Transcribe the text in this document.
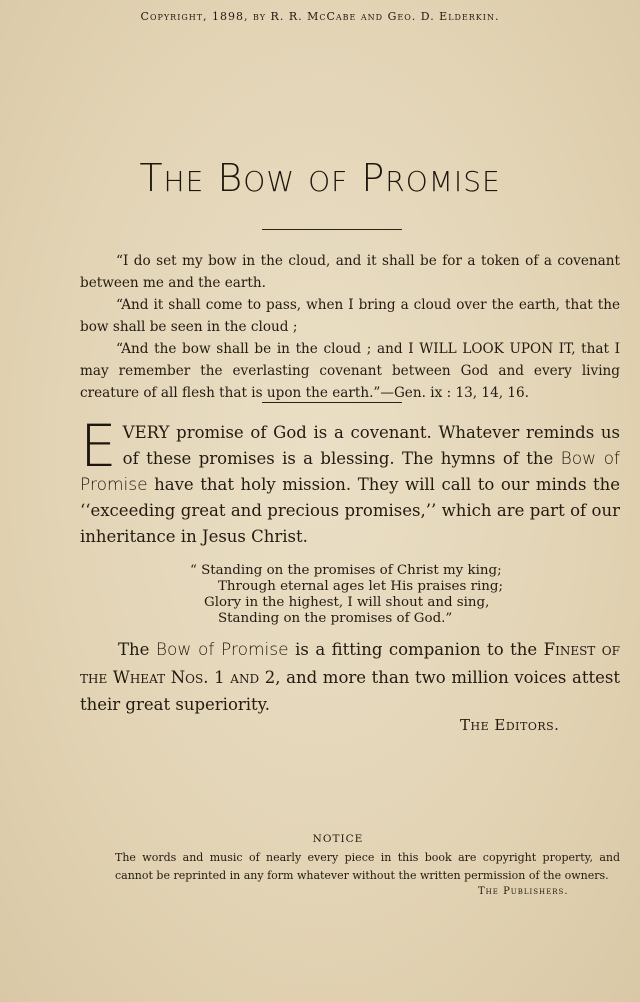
Copyright, 1898, by R. R. McCabe and Geo. D. Elderkin.
THE BOW OF PROMISE

“I do set my bow in the cloud, and it shall be for a token of a covenant between me and the earth.

“And it shall come to pass, when I bring a cloud over the earth, that the bow shall be seen in the cloud ;

“And the bow shall be in the cloud ; and I WILL LOOK UPON IT, that I may remember the everlasting covenant between God and every living creature of all flesh that is upon the earth.”—Gen. ix : 13, 14, 16.

EVERY promise of God is a covenant. Whatever reminds us of these promises is a blessing. The hymns of the Bow of Promise have that holy mission. They will call to our minds the ‘‘exceeding great and precious promises,’’ which are part of our inheritance in Jesus Christ.

“ Standing on the promises of Christ my king;
Through eternal ages let His praises ring;
Glory in the highest, I will shout and sing,
Standing on the promises of God.”

The Bow of Promise is a fitting companion to the Finest of the Wheat Nos. 1 and 2, and more than two million voices attest their great superiority.

The Editors.
NOTICE

The words and music of nearly every piece in this book are copyright property, and cannot be reprinted in any form whatever without the written permission of the owners.

The Publishers.
